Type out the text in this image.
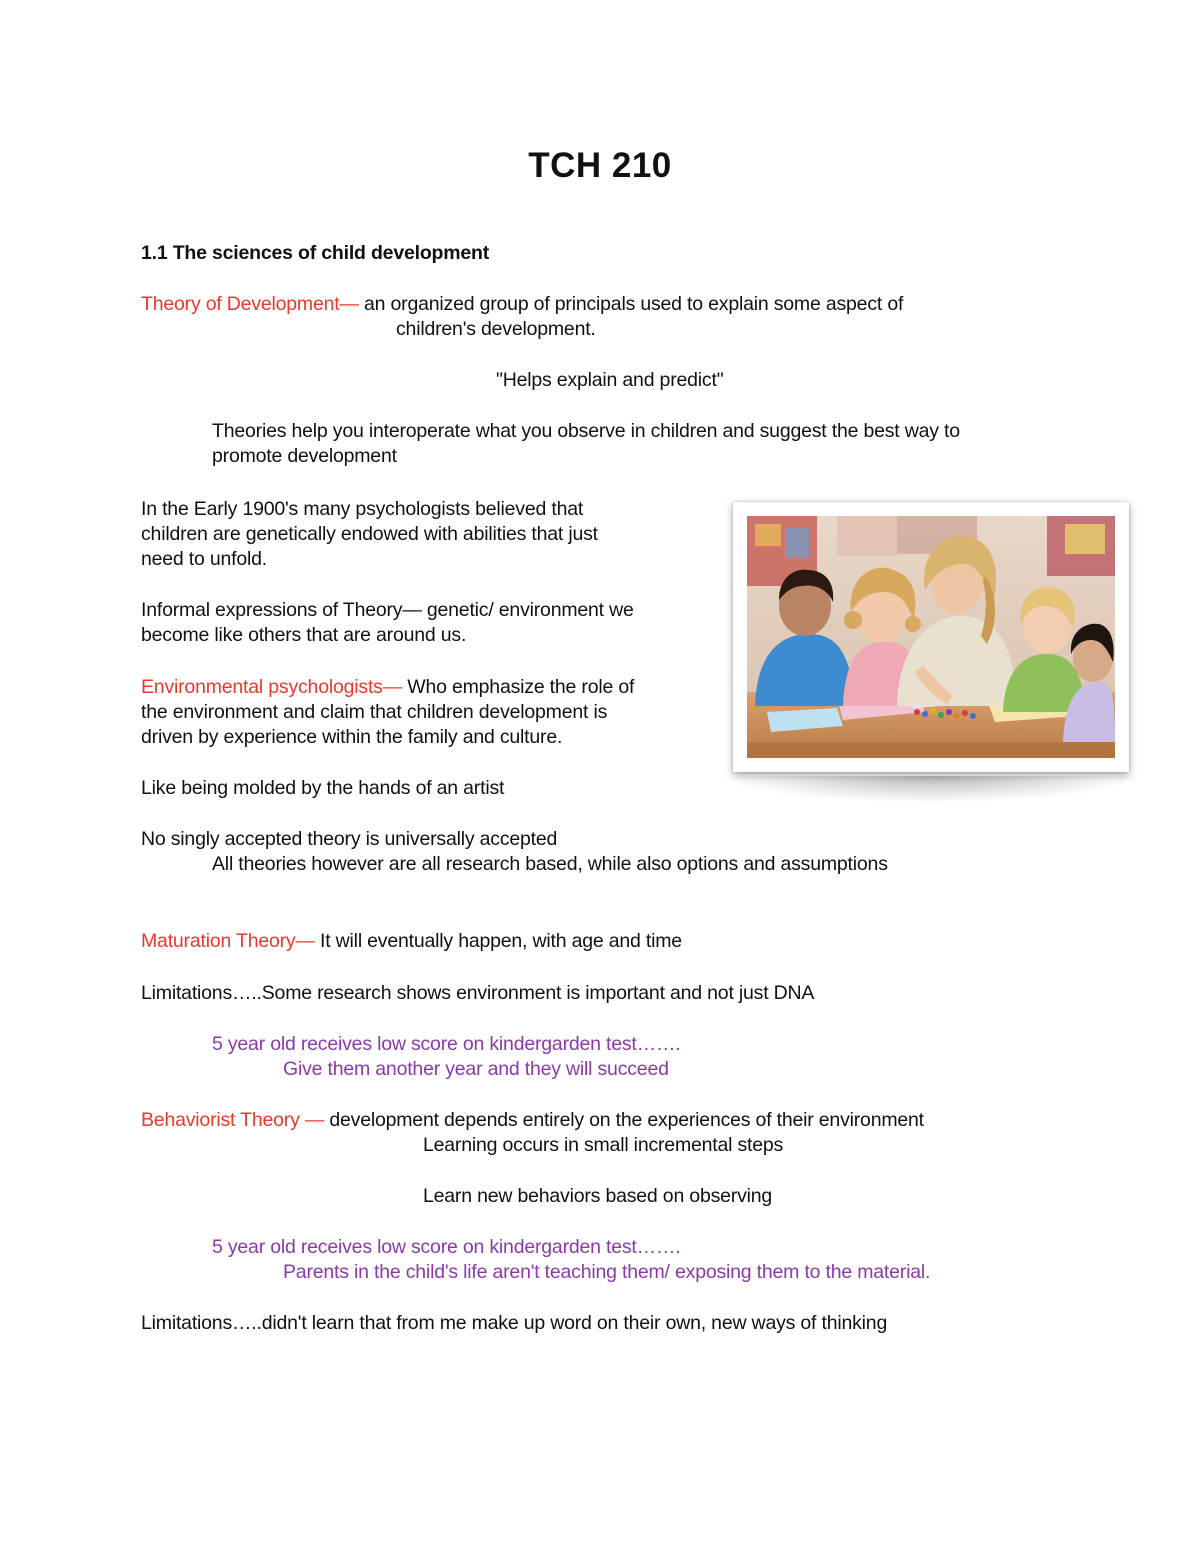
TCH 210
1.1 The sciences of child development
Theory of Development— an organized group of principals used to explain some aspect of
children's development.
"Helps explain and predict"
Theories help you interoperate what you observe in children and suggest the best way to
promote development
In the Early 1900's many psychologists believed that
children are genetically endowed with abilities that just
need to unfold.
Informal expressions of Theory— genetic/ environment we
become like others that are around us.
Environmental psychologists— Who emphasize the role of
the environment and claim that children development is
driven by experience within the family and culture.
Like being molded by the hands of an artist
No singly accepted theory is universally accepted
All theories however are all research based, while also options and assumptions
Maturation Theory— It will eventually happen, with age and time
Limitations…..Some research shows environment is important and not just DNA
5 year old receives low score on kindergarden test…….
Give them another year and they will succeed
Behaviorist Theory — development depends entirely on the experiences of their environment
Learning occurs in small incremental steps
Learn new behaviors based on observing
5 year old receives low score on kindergarden test…….
Parents in the child's life aren't teaching them/ exposing them to the material.
Limitations…..didn't learn that from me make up word on their own, new ways of thinking
